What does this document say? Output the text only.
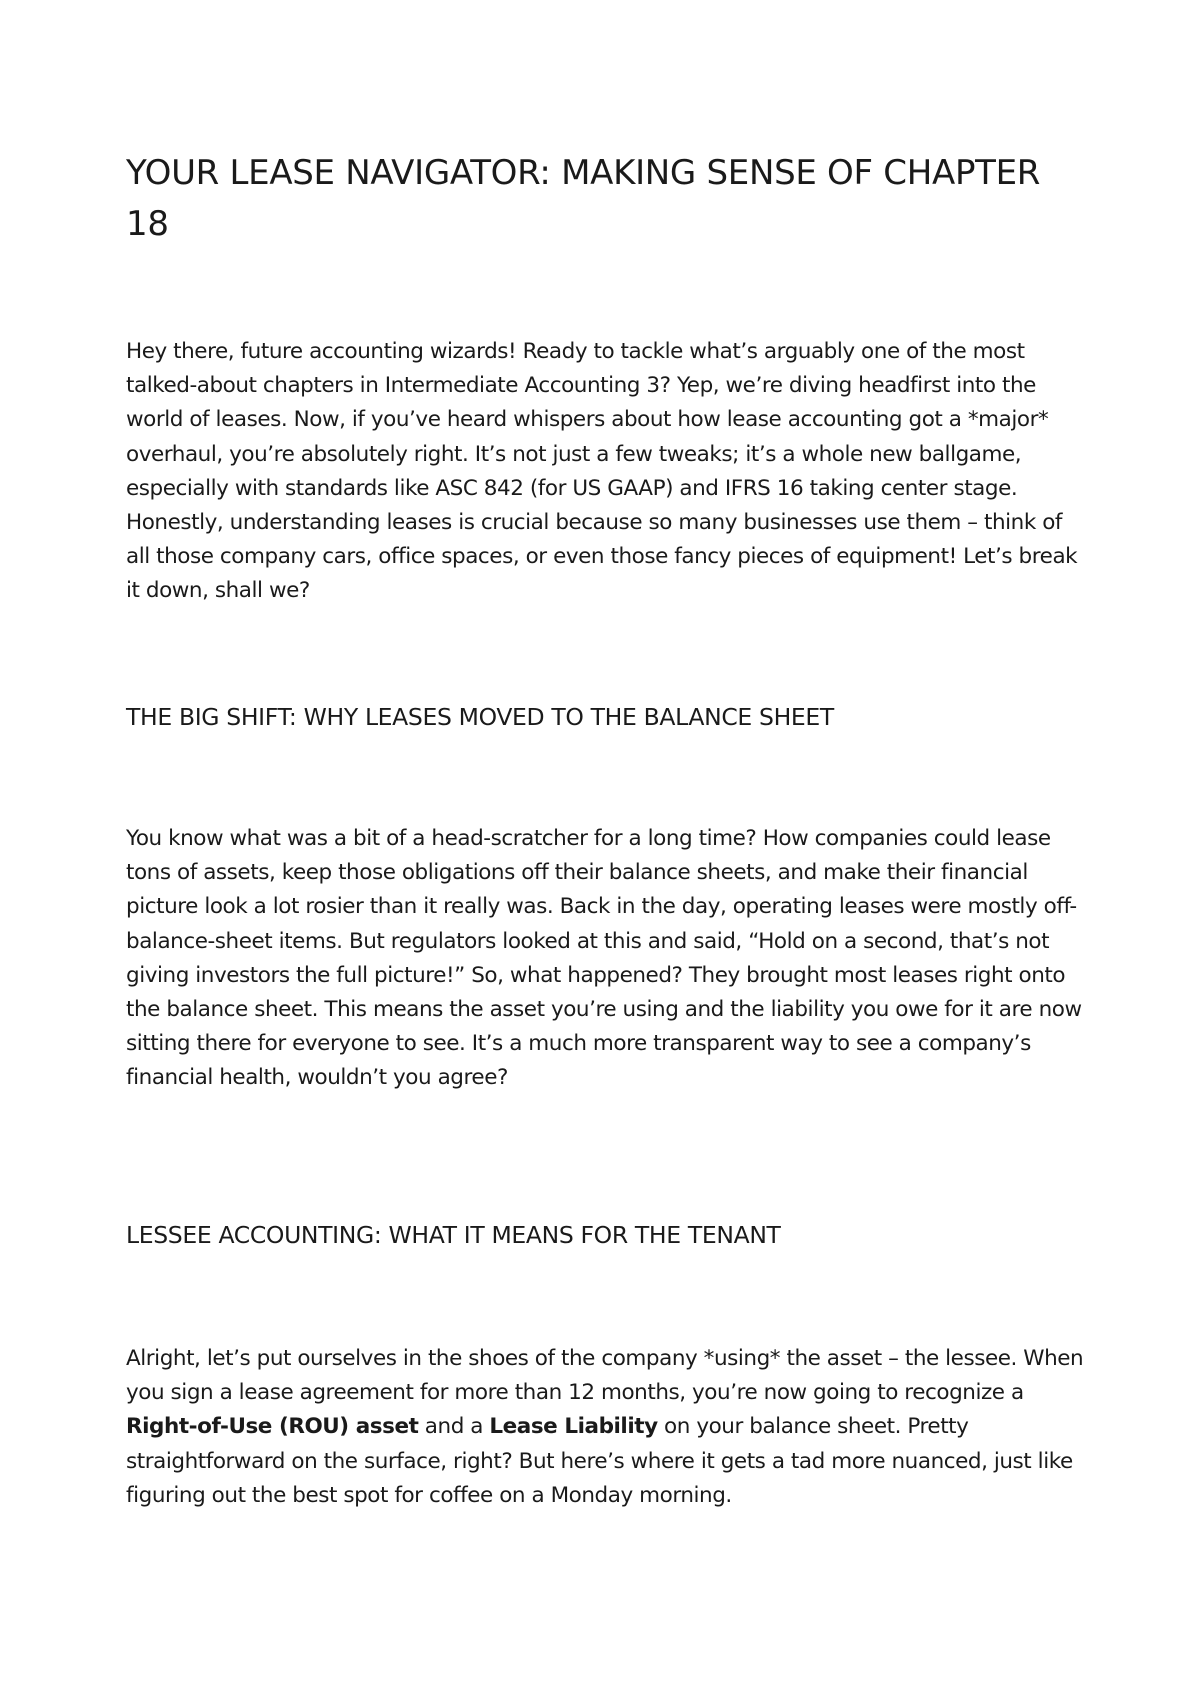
YOUR LEASE NAVIGATOR: MAKING SENSE OF CHAPTER 18

Hey there, future accounting wizards! Ready to tackle what’s arguably one of the most talked-about chapters in Intermediate Accounting 3? Yep, we’re diving headfirst into the world of leases. Now, if you’ve heard whispers about how lease accounting got a *major* overhaul, you’re absolutely right. It’s not just a few tweaks; it’s a whole new ballgame, especially with standards like ASC 842 (for US GAAP) and IFRS 16 taking center stage. Honestly, understanding leases is crucial because so many businesses use them – think of all those company cars, office spaces, or even those fancy pieces of equipment! Let’s break it down, shall we?

THE BIG SHIFT: WHY LEASES MOVED TO THE BALANCE SHEET

You know what was a bit of a head-scratcher for a long time? How companies could lease tons of assets, keep those obligations off their balance sheets, and make their financial picture look a lot rosier than it really was. Back in the day, operating leases were mostly off-balance-sheet items. But regulators looked at this and said, “Hold on a second, that’s not giving investors the full picture!” So, what happened? They brought most leases right onto the balance sheet. This means the asset you’re using and the liability you owe for it are now sitting there for everyone to see. It’s a much more transparent way to see a company’s financial health, wouldn’t you agree?

LESSEE ACCOUNTING: WHAT IT MEANS FOR THE TENANT

Alright, let’s put ourselves in the shoes of the company *using* the asset – the lessee. When you sign a lease agreement for more than 12 months, you’re now going to recognize a Right-of-Use (ROU) asset and a Lease Liability on your balance sheet. Pretty straightforward on the surface, right? But here’s where it gets a tad more nuanced, just like figuring out the best spot for coffee on a Monday morning.
